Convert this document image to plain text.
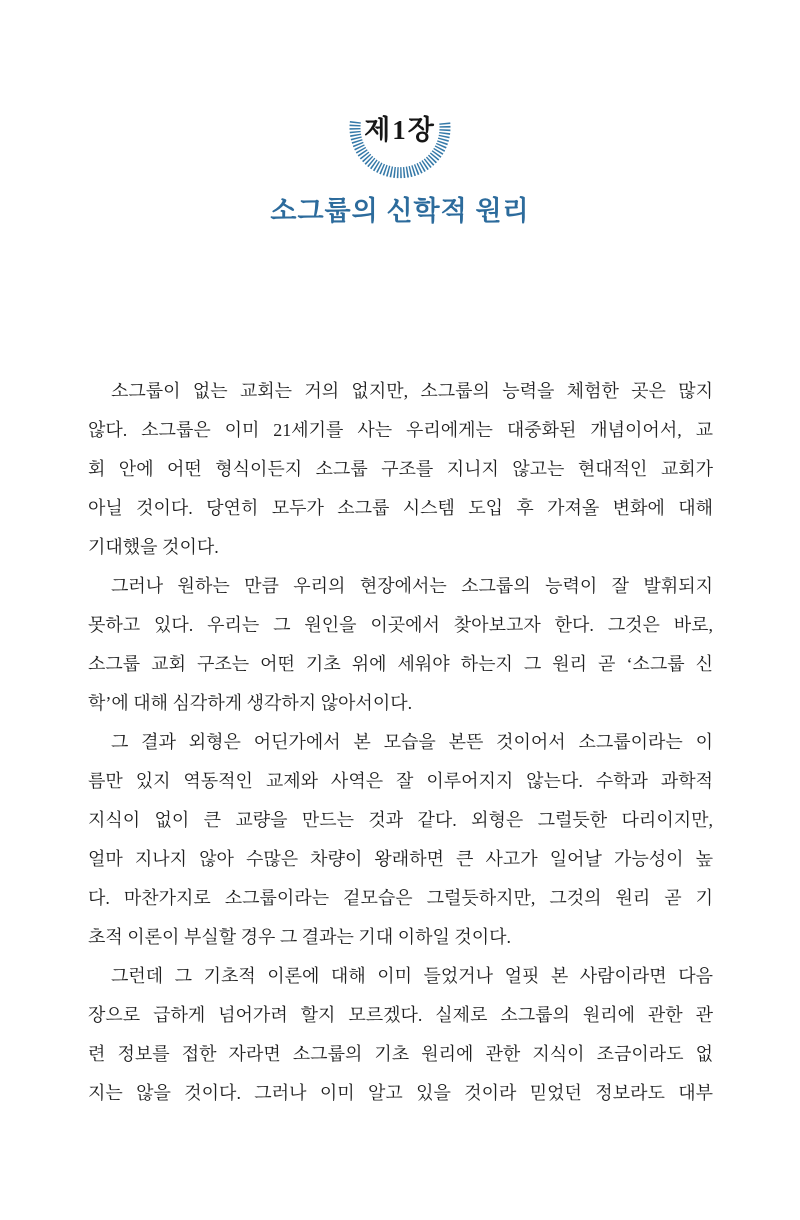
제1장
소그룹의 신학적 원리
소그룹이 없는 교회는 거의 없지만, 소그룹의 능력을 체험한 곳은 많지
않다. 소그룹은 이미 21세기를 사는 우리에게는 대중화된 개념이어서, 교
회 안에 어떤 형식이든지 소그룹 구조를 지니지 않고는 현대적인 교회가
아닐 것이다. 당연히 모두가 소그룹 시스템 도입 후 가져올 변화에 대해
기대했을 것이다.
그러나 원하는 만큼 우리의 현장에서는 소그룹의 능력이 잘 발휘되지
못하고 있다. 우리는 그 원인을 이곳에서 찾아보고자 한다. 그것은 바로,
소그룹 교회 구조는 어떤 기초 위에 세워야 하는지 그 원리 곧 ‘소그룹 신
학’에 대해 심각하게 생각하지 않아서이다.
그 결과 외형은 어딘가에서 본 모습을 본뜬 것이어서 소그룹이라는 이
름만 있지 역동적인 교제와 사역은 잘 이루어지지 않는다. 수학과 과학적
지식이 없이 큰 교량을 만드는 것과 같다. 외형은 그럴듯한 다리이지만,
얼마 지나지 않아 수많은 차량이 왕래하면 큰 사고가 일어날 가능성이 높
다. 마찬가지로 소그룹이라는 겉모습은 그럴듯하지만, 그것의 원리 곧 기
초적 이론이 부실할 경우 그 결과는 기대 이하일 것이다.
그런데 그 기초적 이론에 대해 이미 들었거나 얼핏 본 사람이라면 다음
장으로 급하게 넘어가려 할지 모르겠다. 실제로 소그룹의 원리에 관한 관
련 정보를 접한 자라면 소그룹의 기초 원리에 관한 지식이 조금이라도 없
지는 않을 것이다. 그러나 이미 알고 있을 것이라 믿었던 정보라도 대부
